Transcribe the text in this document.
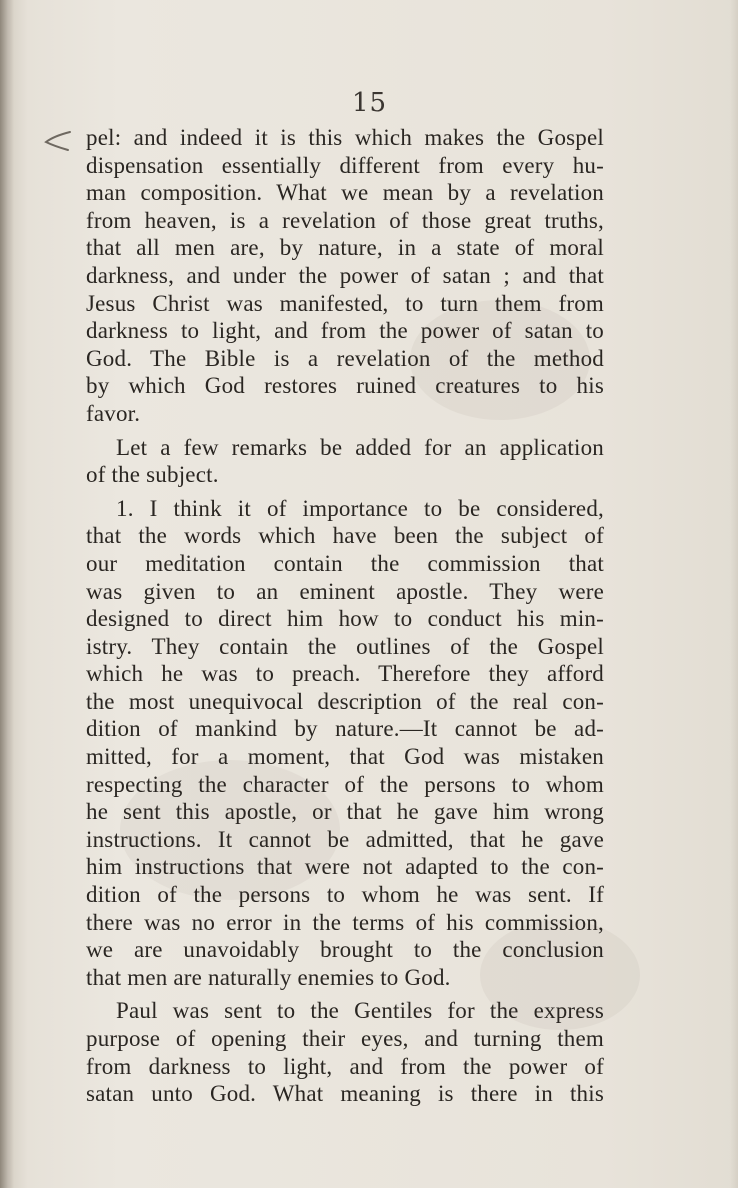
15
pel: and indeed it is this which makes the Gospel
dispensation essentially different from every hu-
man composition. What we mean by a revelation
from heaven, is a revelation of those great truths,
that all men are, by nature, in a state of moral
darkness, and under the power of satan ; and that
Jesus Christ was manifested, to turn them from
darkness to light, and from the power of satan to
God. The Bible is a revelation of the method
by which God restores ruined creatures to his
favor.
Let a few remarks be added for an application
of the subject.
1. I think it of importance to be considered,
that the words which have been the subject of
our meditation contain the commission that
was given to an eminent apostle. They were
designed to direct him how to conduct his min-
istry. They contain the outlines of the Gospel
which he was to preach. Therefore they afford
the most unequivocal description of the real con-
dition of mankind by nature.—It cannot be ad-
mitted, for a moment, that God was mistaken
respecting the character of the persons to whom
he sent this apostle, or that he gave him wrong
instructions. It cannot be admitted, that he gave
him instructions that were not adapted to the con-
dition of the persons to whom he was sent. If
there was no error in the terms of his commission,
we are unavoidably brought to the conclusion
that men are naturally enemies to God.
Paul was sent to the Gentiles for the express
purpose of opening their eyes, and turning them
from darkness to light, and from the power of
satan unto God. What meaning is there in this
